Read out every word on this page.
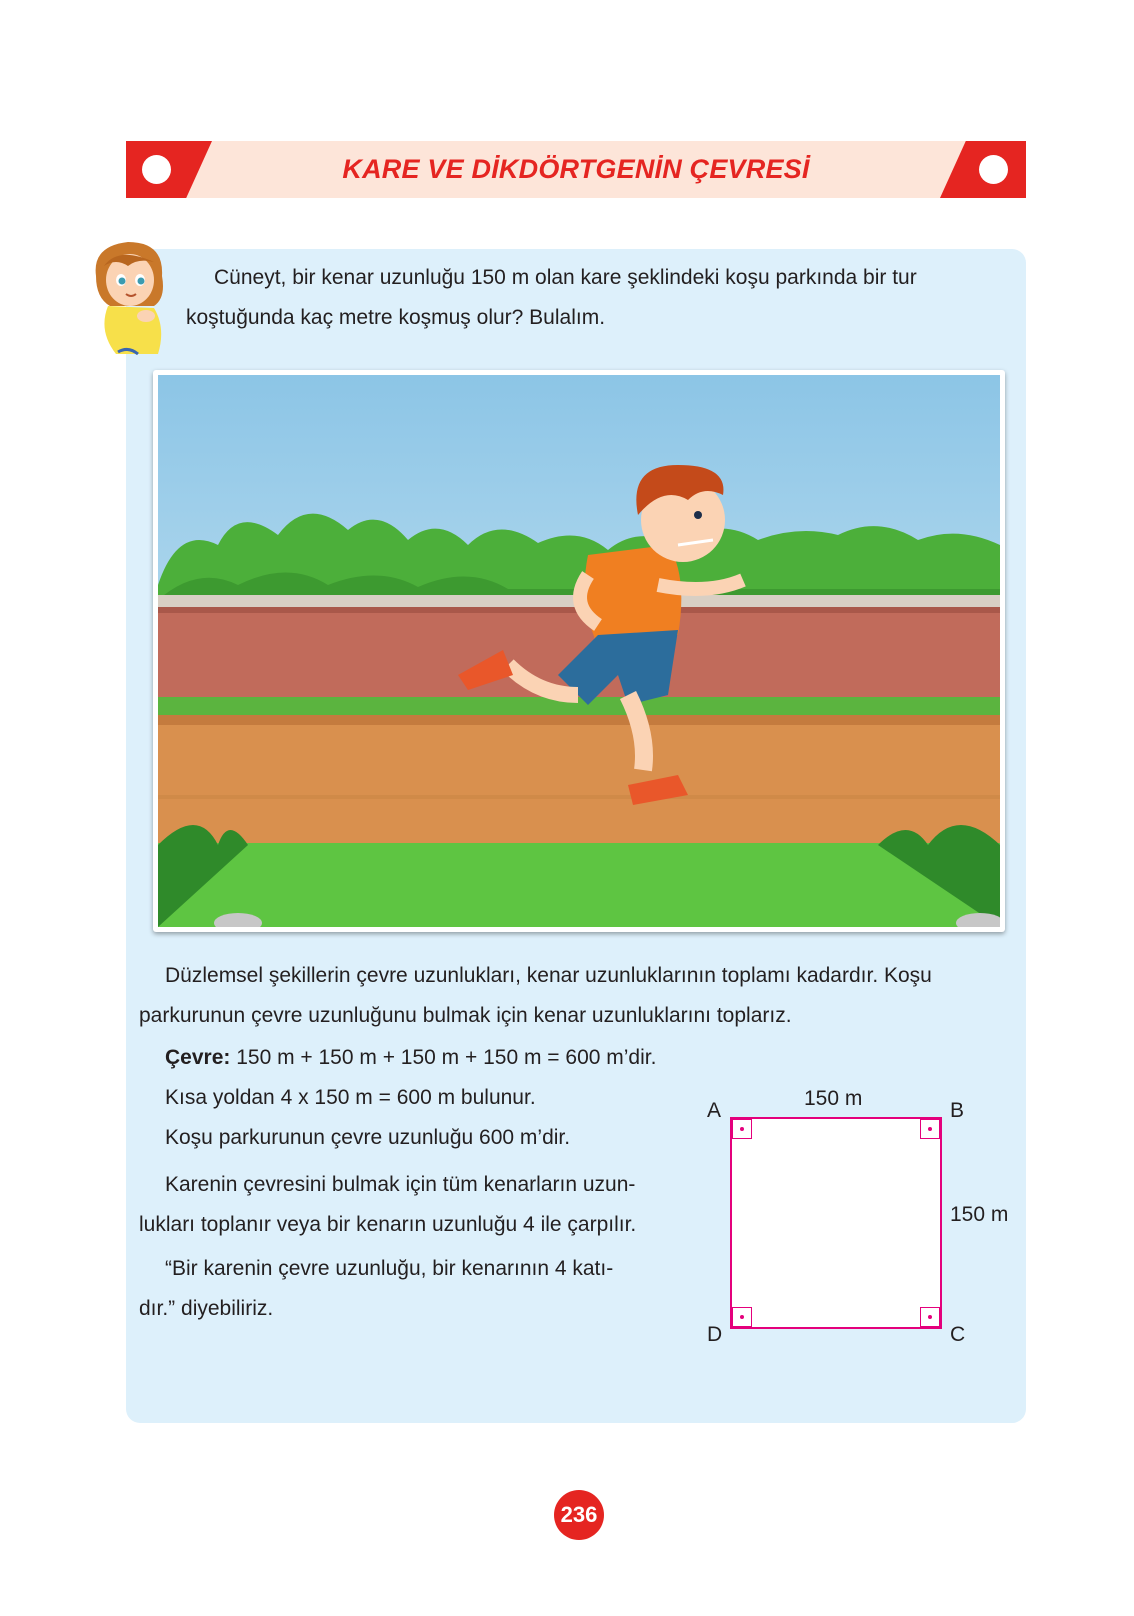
KARE VE DİKDÖRTGENİN ÇEVRESİ
Cüneyt, bir kenar uzunluğu 150 m olan kare şeklindeki koşu parkında bir tur
koştuğunda kaç metre koşmuş olur? Bulalım.
Düzlemsel şekillerin çevre uzunlukları, kenar uzunluklarının toplamı kadardır. Koşu
parkurunun çevre uzunluğunu bulmak için kenar uzunluklarını toplarız.
Çevre: 150 m + 150 m + 150 m + 150 m = 600 m’dir.
Kısa yoldan 4 x 150 m = 600 m bulunur.
Koşu parkurunun çevre uzunluğu 600 m’dir.
Karenin çevresini bulmak için tüm kenarların uzun-
lukları toplanır veya bir kenarın uzunluğu 4 ile çarpılır.
“Bir karenin çevre uzunluğu, bir kenarının 4 katı-
dır.” diyebiliriz.
A	B
D	C
150 m
150 m
236
